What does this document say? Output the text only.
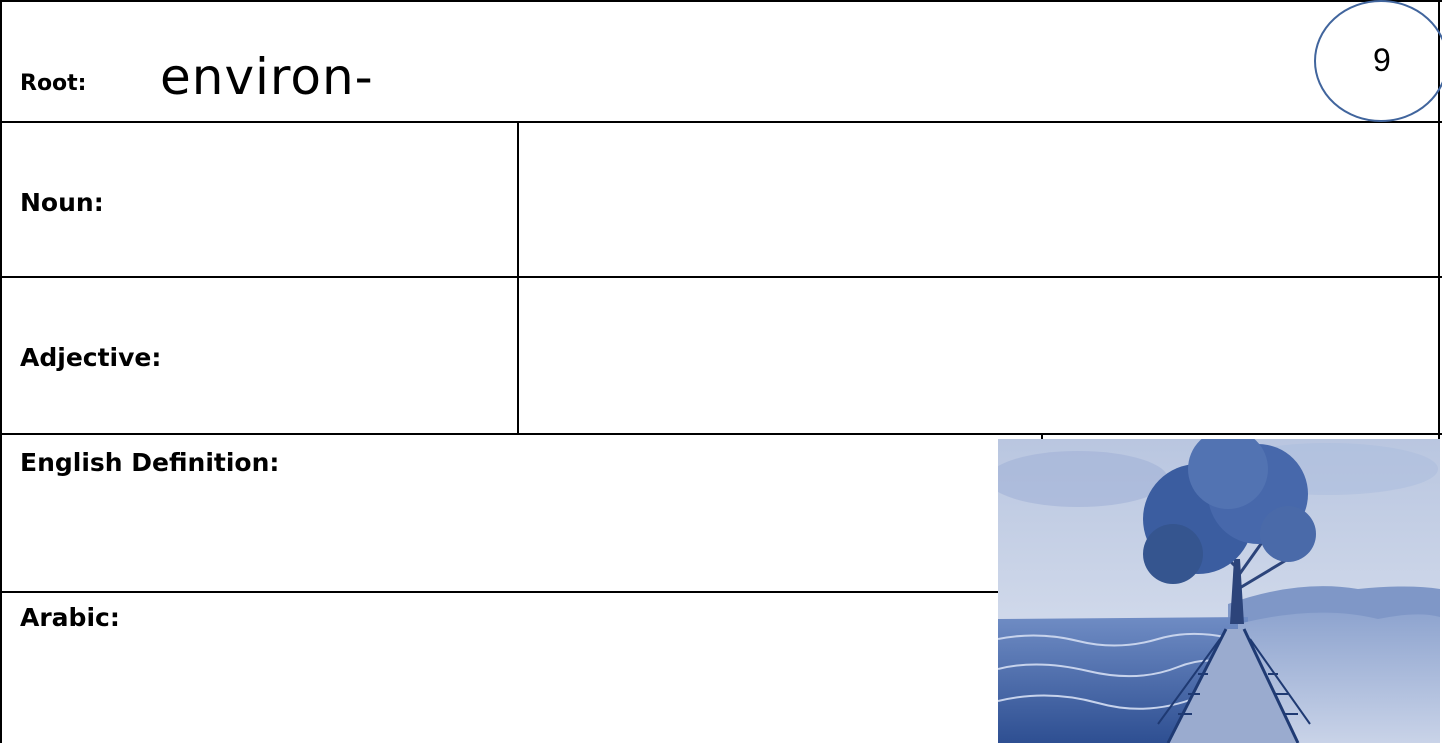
Root: environ-	9
Noun:
Adjective:
English Definition:
Arabic:
